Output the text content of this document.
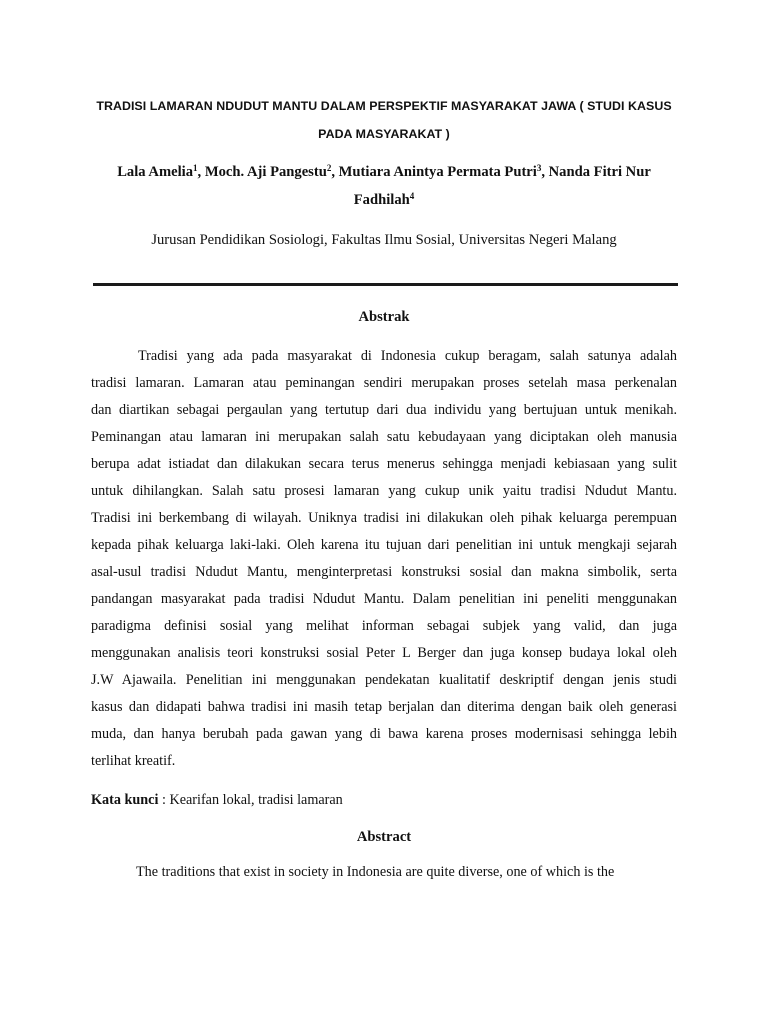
TRADISI LAMARAN NDUDUT MANTU DALAM PERSPEKTIF MASYARAKAT JAWA ( STUDI KASUS
PADA MASYARAKAT )
Lala Amelia$^1$, Moch. Aji Pangestu$^2$, Mutiara Anintya Permata Putri$^3$, Nanda Fitri Nur
Fadhilah$^4$
Jurusan Pendidikan Sosiologi, Fakultas Ilmu Sosial, Universitas Negeri Malang
Abstrak
Tradisi yang ada pada masyarakat di Indonesia cukup beragam, salah satunya adalah
tradisi lamaran. Lamaran atau peminangan sendiri merupakan proses setelah masa perkenalan
dan diartikan sebagai pergaulan yang tertutup dari dua individu yang bertujuan untuk menikah.
Peminangan atau lamaran ini merupakan salah satu kebudayaan yang diciptakan oleh manusia
berupa adat istiadat dan dilakukan secara terus menerus sehingga menjadi kebiasaan yang sulit
untuk dihilangkan. Salah satu prosesi lamaran yang cukup unik yaitu tradisi Ndudut Mantu.
Tradisi ini berkembang di wilayah. Uniknya tradisi ini dilakukan oleh pihak keluarga perempuan
kepada pihak keluarga laki-laki. Oleh karena itu tujuan dari penelitian ini untuk mengkaji sejarah
asal-usul tradisi Ndudut Mantu, menginterpretasi konstruksi sosial dan makna simbolik, serta
pandangan masyarakat pada tradisi Ndudut Mantu. Dalam penelitian ini peneliti menggunakan
paradigma definisi sosial yang melihat informan sebagai subjek yang valid, dan juga
menggunakan analisis teori konstruksi sosial Peter L Berger dan juga konsep budaya lokal oleh
J.W Ajawaila. Penelitian ini menggunakan pendekatan kualitatif deskriptif dengan jenis studi
kasus dan didapati bahwa tradisi ini masih tetap berjalan dan diterima dengan baik oleh generasi
muda, dan hanya berubah pada gawan yang di bawa karena proses modernisasi sehingga lebih
terlihat kreatif.
Kata kunci : Kearifan lokal, tradisi lamaran
Abstract
The traditions that exist in society in Indonesia are quite diverse, one of which is the
